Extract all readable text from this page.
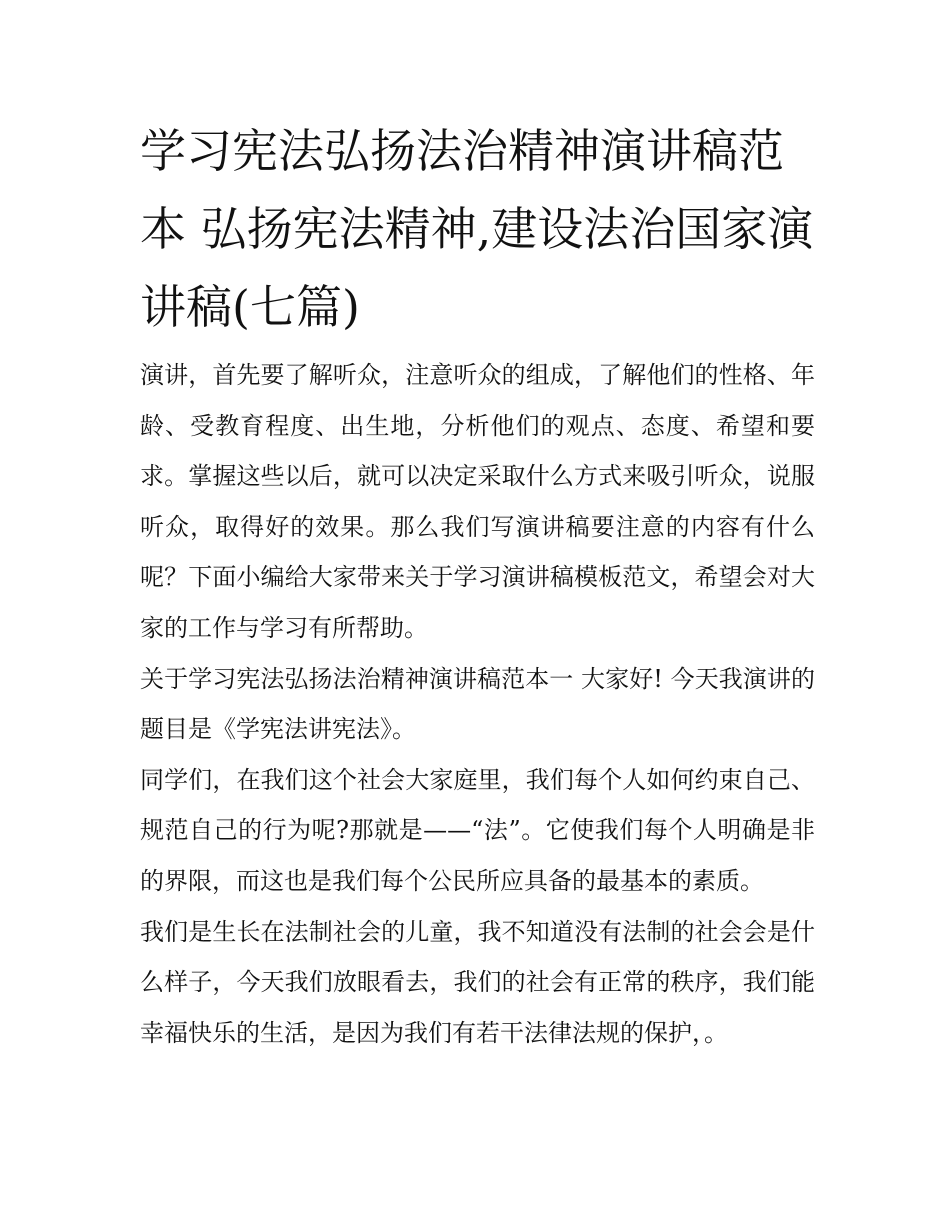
学习宪法弘扬法治精神演讲稿范本 弘扬宪法精神,建设法治国家演讲稿(七篇)

演讲，首先要了解听众，注意听众的组成，了解他们的性格、年龄、受教育程度、出生地，分析他们的观点、态度、希望和要求。掌握这些以后，就可以决定采取什么方式来吸引听众，说服听众，取得好的效果。那么我们写演讲稿要注意的内容有什么呢？下面小编给大家带来关于学习演讲稿模板范文，希望会对大家的工作与学习有所帮助。

关于学习宪法弘扬法治精神演讲稿范本一 大家好! 今天我演讲的题目是《学宪法讲宪法》。

同学们，在我们这个社会大家庭里，我们每个人如何约束自己、规范自己的行为呢?那就是——“法”。它使我们每个人明确是非的界限，而这也是我们每个公民所应具备的最基本的素质。

我们是生长在法制社会的儿童，我不知道没有法制的社会会是什么样子，今天我们放眼看去，我们的社会有正常的秩序，我们能幸福快乐的生活，是因为我们有若干法律法规的保护，。
